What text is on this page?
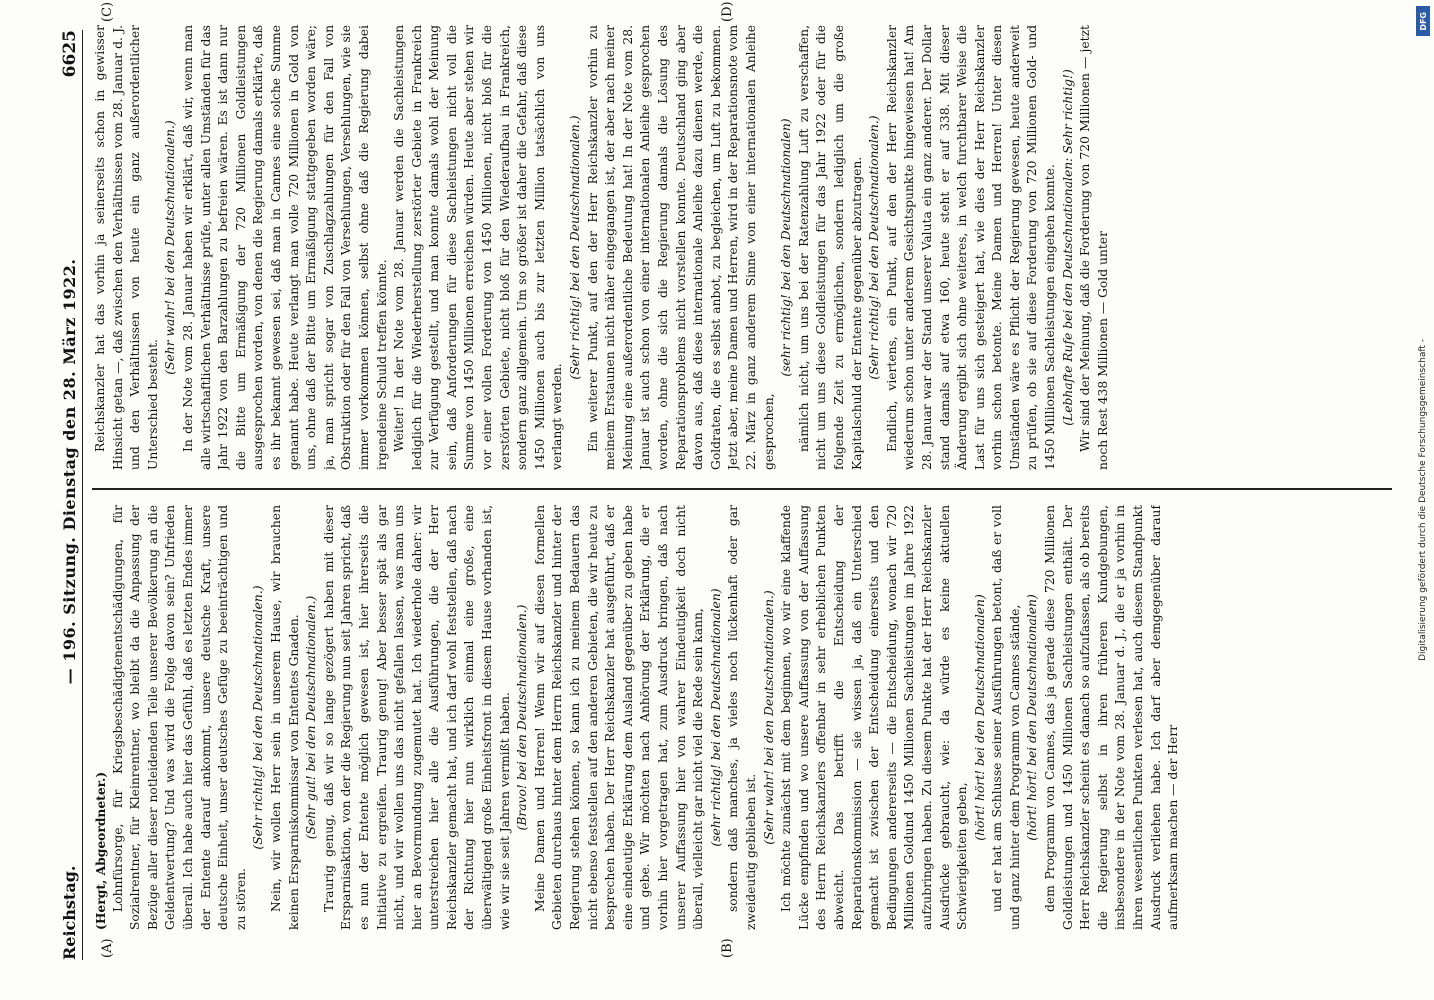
Reichstag.
— 196. Sitzung. Dienstag den 28. März 1922.
6625
(A)	(B)
(C)	(D)

(Hergt, Abgeordneter.) Lohnfürsorge, für Kriegsbeschädigtenentschädigungen, für Sozialrentner, für Kleinrentner, wo bleibt da die Anpassung der Bezüge aller dieser notleidenden Teile unserer Bevölkerung an die Geldentwertung? Und was wird die Folge davon sein? Unfrieden überall. Ich habe auch hier das Gefühl, daß es letzten Endes immer der Entente darauf ankommt, unsere deutsche Kraft, unsere deutsche Einheit, unser deutsches Gefüge zu beeinträchtigen und zu stören.

(Sehr richtig! bei den Deutschnationalen.) Nein, wir wollen Herr sein in unserem Hause, wir brauchen keinen Ersparniskommissar von Ententes Gnaden. (Sehr gut! bei den Deutschnationalen.) Traurig genug, daß wir so lange gezögert haben mit dieser Ersparnisaktion, von der die Regierung nun seit Jahren spricht, daß es nun der Entente möglich gewesen ist, hier ihrerseits die Initiative zu ergreifen. Traurig genug! Aber besser spät als gar nicht, und wir wollen uns das nicht gefallen lassen, was man uns hier an Bevormundung zugemutet hat. Ich wiederhole daher: wir unterstreichen hier alle die Ausführungen, die der Herr Reichskanzler gemacht hat, und ich darf wohl feststellen, daß nach der Richtung hier nun wirklich einmal eine große, eine überwältigend große Einheitsfront in diesem Hause vorhanden ist, wie wir sie seit Jahren vermißt haben. (Bravo! bei den Deutschnationalen.) Meine Damen und Herren! Wenn wir auf diesen formellen Gebieten durchaus hinter dem Herrn Reichskanzler und hinter der Regierung stehen können, so kann ich zu meinem Bedauern das nicht ebenso feststellen auf den anderen Gebieten, die wir heute zu besprechen haben. Der Herr Reichskanzler hat ausgeführt, daß er eine eindeutige Erklärung dem Ausland gegenüber zu geben habe und gebe. Wir möchten nach Anhörung der Erklärung, die er vorhin hier vorgetragen hat, zum Ausdruck bringen, daß nach unserer Auffassung hier von wahrer Eindeutigkeit doch nicht überall, vielleicht gar nicht viel die Rede sein kann, (sehr richtig! bei den Deutschnationalen) sondern daß manches, ja vieles noch lückenhaft oder gar zweideutig geblieben ist.

(Sehr wahr! bei den Deutschnationalen.) Ich möchte zunächst mit dem beginnen, wo wir eine klaffende Lücke empfinden und wo unsere Auffassung von der Auffassung des Herrn Reichskanzlers offenbar in sehr erheblichen Punkten abweicht. Das betrifft die Entscheidung der Reparationskommission — sie wissen ja, daß ein Unterschied gemacht ist zwischen der Entscheidung einerseits und den Bedingungen andererseits — die Entscheidung, wonach wir 720 Millionen Goldund 1450 Millionen Sachleistungen im Jahre 1922 aufzubringen haben. Zu diesem Punkte hat der Herr Reichskanzler Ausdrücke gebraucht, wie: da würde es keine aktuellen Schwierigkeiten geben,

(hört! hört! bei den Deutschnationalen) und er hat am Schlusse seiner Ausführungen betont, daß er voll und ganz hinter dem Programm von Cannes stände, (hört! hört! bei den Deutschnationalen) dem Programm von Cannes, das ja gerade diese 720 Millionen Goldleistungen und 1450 Millionen Sachleistungen enthält. Der Herr Reichskanzler scheint es danach so aufzufassen, als ob bereits die Regierung selbst in ihren früheren Kundgebungen, insbesondere in der Note vom 28. Januar d. J., die er ja vorhin in ihren wesentlichen Punkten verlesen hat, auch diesem Standpunkt Ausdruck verliehen habe. Ich darf aber demgegenüber darauf aufmerksam machen — der Herr

Reichskanzler hat das vorhin ja seinerseits schon in gewisser Hinsicht getan —, daß zwischen den Verhältnissen vom 28. Januar d. J. und den Verhältnissen von heute ein ganz außerordentlicher Unterschied besteht.

(Sehr wahr! bei den Deutschnationalen.) In der Note vom 28. Januar haben wir erklärt, daß wir, wenn man alle wirtschaftlichen Verhältnisse prüfe, unter allen Umständen für das Jahr 1922 von den Barzahlungen zu befreien wären. Es ist dann nur die Bitte um Ermäßigung der 720 Millionen Goldleistungen ausgesprochen worden, von denen die Regierung damals erklärte, daß es ihr bekannt gewesen sei, daß man in Cannes eine solche Summe genannt habe. Heute verlangt man volle 720 Millionen in Gold von uns, ohne daß der Bitte um Ermäßigung stattgegeben worden wäre; ja, man spricht sogar von Zuschlagzahlungen für den Fall von Obstruktion oder für den Fall von Versehlungen, Versehlungen, wie sie immer vorkommen können, selbst ohne daß die Regierung dabei irgendeine Schuld treffen könnte. Weiter! In der Note vom 28. Januar werden die Sachleistungen lediglich für die Wiederherstellung zerstörter Gebiete in Frankreich zur Verfügung gestellt, und man konnte damals wohl der Meinung sein, daß Anforderungen für diese Sachleistungen nicht voll die Summe von 1450 Millionen erreichen würden. Heute aber stehen wir vor einer vollen Forderung von 1450 Millionen, nicht bloß für die zerstörten Gebiete, nicht bloß für den Wiederaufbau in Frankreich, sondern ganz allgemein. Um so größer ist daher die Gefahr, daß diese 1450 Millionen auch bis zur letzten Million tatsächlich von uns verlangt werden.

(Sehr richtig! bei den Deutschnationalen.) Ein weiterer Punkt, auf den der Herr Reichskanzler vorhin zu meinem Erstaunen nicht näher eingegangen ist, der aber nach meiner Meinung eine außerordentliche Bedeutung hat! In der Note vom 28. Januar ist auch schon von einer internationalen Anleihe gesprochen worden, ohne die sich die Regierung damals die Lösung des Reparationsproblems nicht vorstellen konnte. Deutschland ging aber davon aus, daß diese internationale Anleihe dazu dienen werde, die Goldraten, die es selbst anbot, zu begleichen, um Luft zu bekommen. Jetzt aber, meine Damen und Herren, wird in der Reparationsnote vom 22. März in ganz anderem Sinne von einer internationalen Anleihe gesprochen,

(sehr richtig! bei den Deutschnationalen) nämlich nicht, um uns bei der Ratenzahlung Luft zu verschaffen, nicht um uns diese Goldleistungen für das Jahr 1922 oder für die folgende Zeit zu ermöglichen, sondern lediglich um die große Kapitalschuld der Entente gegenüber abzutragen. (Sehr richtig! bei den Deutschnationalen.) Endlich, viertens, ein Punkt, auf den der Herr Reichskanzler wiederum schon unter anderem Gesichtspunkte hingewiesen hat! Am 28. Januar war der Stand unserer Valuta ein ganz anderer. Der Dollar stand damals auf etwa 160, heute steht er auf 338. Mit dieser Änderung ergibt sich ohne weiteres, in welch furchtbarer Weise die Last für uns sich gesteigert hat, wie dies der Herr Reichskanzler vorhin schon betonte. Meine Damen und Herren! Unter diesen Umständen wäre es Pflicht der Regierung gewesen, heute anderweit zu prüfen, ob sie auf diese Forderung von 720 Millionen Gold- und 1450 Millionen Sachleistungen eingehen konnte. (Lebhafte Rufe bei den Deutschnationalen: Sehr richtig!) Wir sind der Meinung, daß die Forderung von 720 Millionen — jetzt noch Rest 438 Millionen — Gold unter

DFG
Digitalisierung gefördert durch die Deutsche Forschungsgemeinschaft -
